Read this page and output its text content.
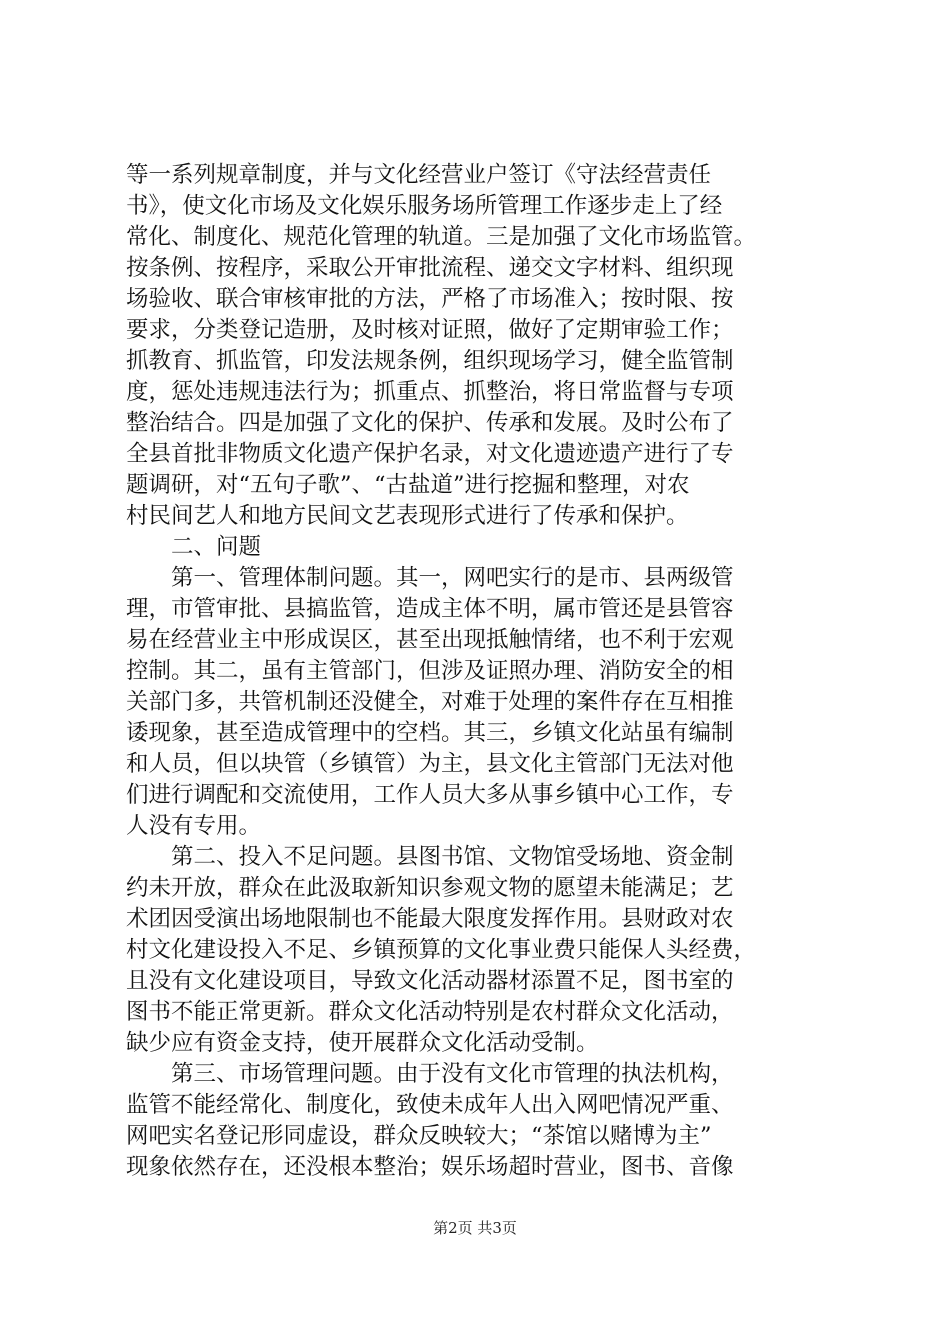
等一系列规章制度，并与文化经营业户签订《守法经营责任
书》，使文化市场及文化娱乐服务场所管理工作逐步走上了经
常化、制度化、规范化管理的轨道。三是加强了文化市场监管。
按条例、按程序，采取公开审批流程、递交文字材料、组织现
场验收、联合审核审批的方法，严格了市场准入；按时限、按
要求，分类登记造册，及时核对证照，做好了定期审验工作；
抓教育、抓监管，印发法规条例，组织现场学习，健全监管制
度，惩处违规违法行为；抓重点、抓整治，将日常监督与专项
整治结合。四是加强了文化的保护、传承和发展。及时公布了
全县首批非物质文化遗产保护名录，对文化遗迹遗产进行了专
题调研，对“五句子歌”、“古盐道”进行挖掘和整理，对农
村民间艺人和地方民间文艺表现形式进行了传承和保护。
　　二、问题
　　第一、管理体制问题。其一，网吧实行的是市、县两级管
理，市管审批、县搞监管，造成主体不明，属市管还是县管容
易在经营业主中形成误区，甚至出现抵触情绪，也不利于宏观
控制。其二，虽有主管部门，但涉及证照办理、消防安全的相
关部门多，共管机制还没健全，对难于处理的案件存在互相推
诿现象，甚至造成管理中的空档。其三，乡镇文化站虽有编制
和人员，但以块管（乡镇管）为主，县文化主管部门无法对他
们进行调配和交流使用，工作人员大多从事乡镇中心工作，专
人没有专用。
　　第二、投入不足问题。县图书馆、文物馆受场地、资金制
约未开放，群众在此汲取新知识参观文物的愿望未能满足；艺
术团因受演出场地限制也不能最大限度发挥作用。县财政对农
村文化建设投入不足、乡镇预算的文化事业费只能保人头经费，
且没有文化建设项目，导致文化活动器材添置不足，图书室的
图书不能正常更新。群众文化活动特别是农村群众文化活动，
缺少应有资金支持，使开展群众文化活动受制。
　　第三、市场管理问题。由于没有文化市管理的执法机构，
监管不能经常化、制度化，致使未成年人出入网吧情况严重、
网吧实名登记形同虚设，群众反映较大；“茶馆以赌博为主”
现象依然存在，还没根本整治；娱乐场超时营业，图书、音像
第2页 共3页
